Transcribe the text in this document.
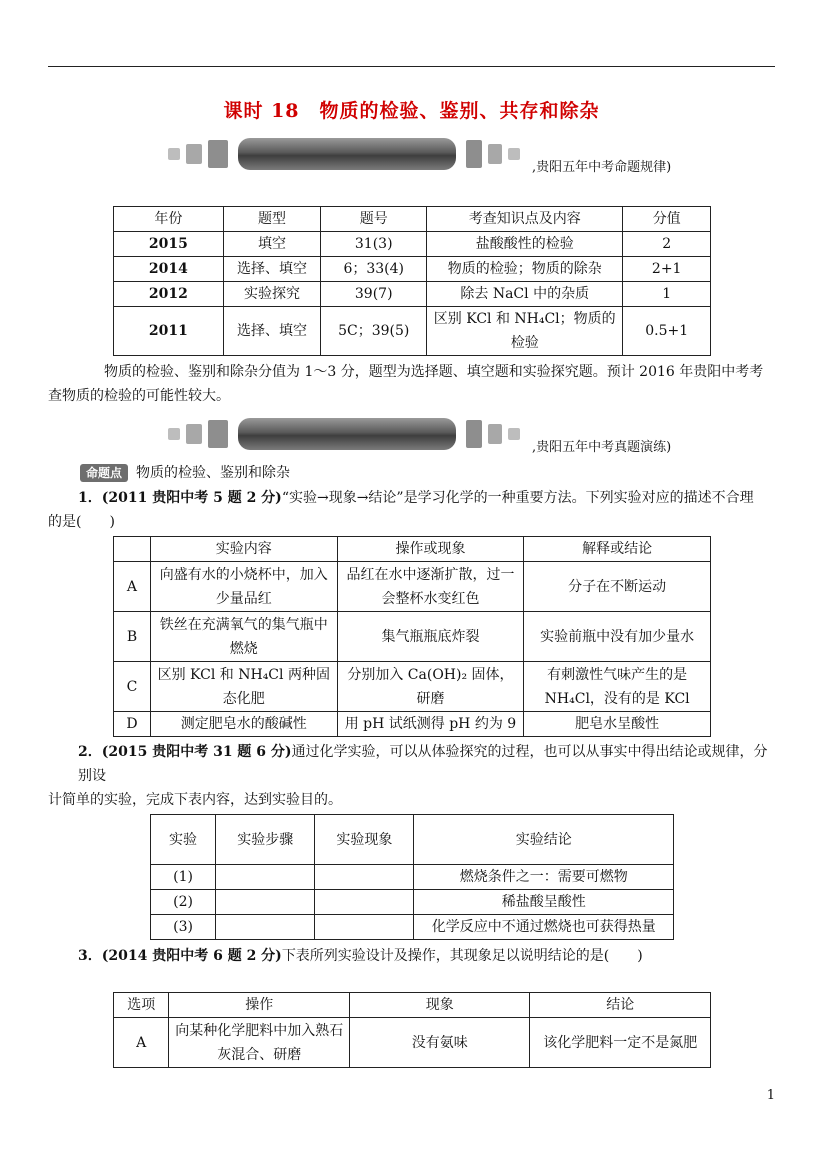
课时 18　物质的检验、鉴别、共存和除杂
,贵阳五年中考命题规律)
年份	题型	题号	考查知识点及内容	分值
2015	填空	31(3)	盐酸酸性的检验	2
2014	选择、填空	6；33(4)	物质的检验；物质的除杂	2+1
2012	实验探究	39(7)	除去 NaCl 中的杂质	1
2011	选择、填空	5C；39(5)	区别 KCl 和 NH₄Cl；物质的检验	0.5+1
物质的检验、鉴别和除杂分值为 1～3 分，题型为选择题、填空题和实验探究题。预计 2016 年贵阳中考考
查物质的检验的可能性较大。
,贵阳五年中考真题演练)
命题点 物质的检验、鉴别和除杂
1．(2011 贵阳中考 5 题 2 分)“实验→现象→结论”是学习化学的一种重要方法。下列实验对应的描述不合理
的是(　　)
	实验内容	操作或现象	解释或结论
A	向盛有水的小烧杯中，加入少量品红	品红在水中逐渐扩散，过一会整杯水变红色	分子在不断运动
B	铁丝在充满氧气的集气瓶中燃烧	集气瓶瓶底炸裂	实验前瓶中没有加少量水
C	区别 KCl 和 NH₄Cl 两种固态化肥	分别加入 Ca(OH)₂ 固体，研磨	有刺激性气味产生的是 NH₄Cl，没有的是 KCl
D	测定肥皂水的酸碱性	用 pH 试纸测得 pH 约为 9	肥皂水呈酸性
2．(2015 贵阳中考 31 题 6 分)通过化学实验，可以从体验探究的过程，也可以从事实中得出结论或规律，分别设
计简单的实验，完成下表内容，达到实验目的。
实验	实验步骤	实验现象	实验结论
(1)			燃烧条件之一：需要可燃物
(2)			稀盐酸呈酸性
(3)			化学反应中不通过燃烧也可获得热量
3．(2014 贵阳中考 6 题 2 分)下表所列实验设计及操作，其现象足以说明结论的是(　　)
选项	操作	现象	结论
A	向某种化学肥料中加入熟石灰混合、研磨	没有氨味	该化学肥料一定不是氮肥
1
